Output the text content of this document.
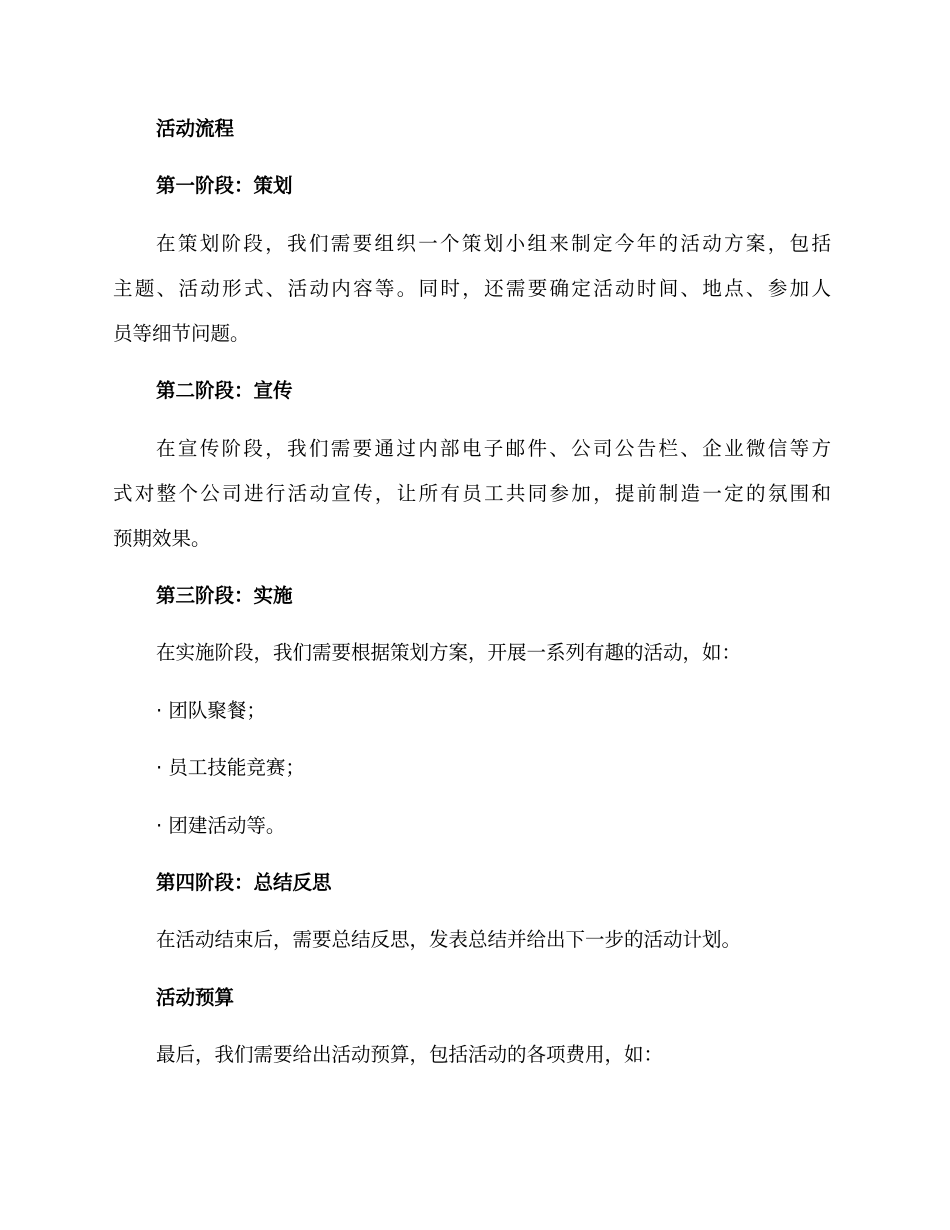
活动流程
第一阶段：策划
在策划阶段，我们需要组织一个策划小组来制定今年的活动方案，包括
主题、活动形式、活动内容等。同时，还需要确定活动时间、地点、参加人
员等细节问题。
第二阶段：宣传
在宣传阶段，我们需要通过内部电子邮件、公司公告栏、企业微信等方
式对整个公司进行活动宣传，让所有员工共同参加，提前制造一定的氛围和
预期效果。
第三阶段：实施
在实施阶段，我们需要根据策划方案，开展一系列有趣的活动，如：
· 团队聚餐；
· 员工技能竞赛；
· 团建活动等。
第四阶段：总结反思
在活动结束后，需要总结反思，发表总结并给出下一步的活动计划。
活动预算
最后，我们需要给出活动预算，包括活动的各项费用，如：
